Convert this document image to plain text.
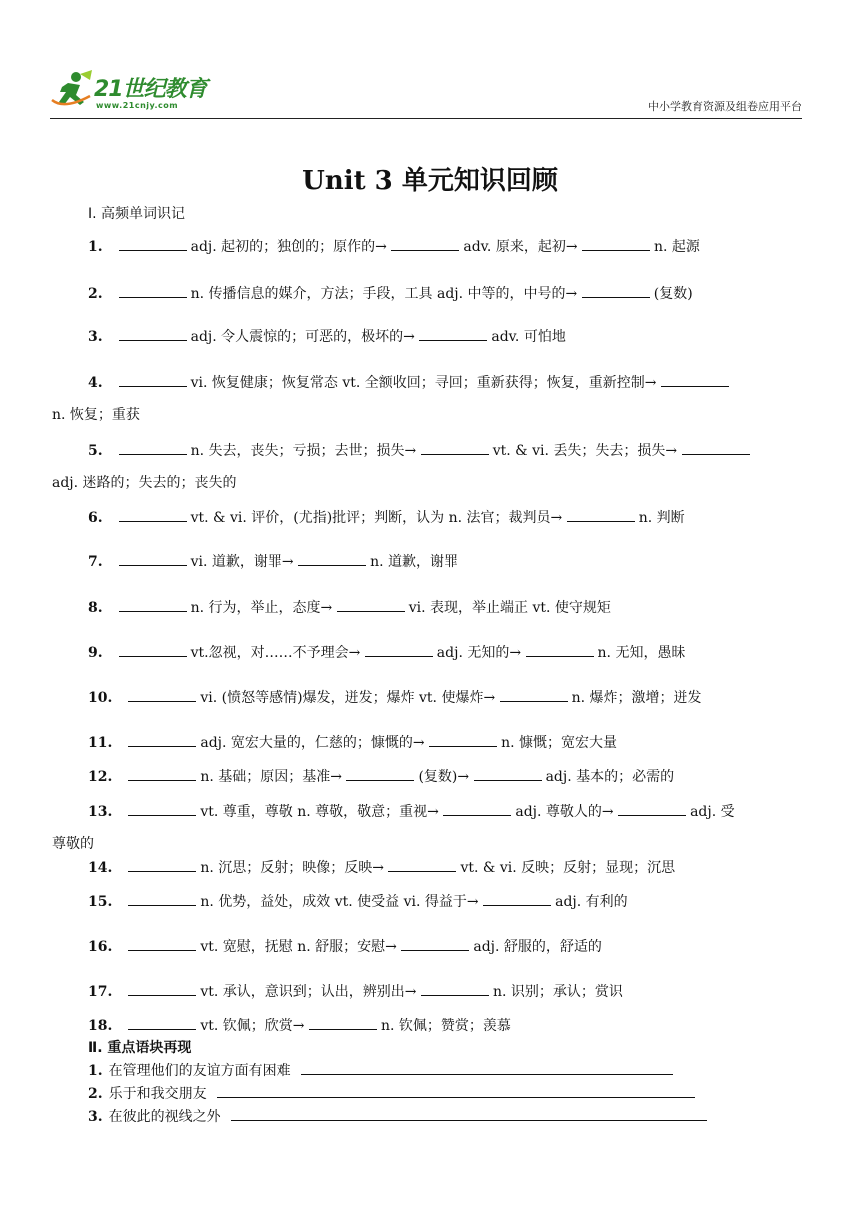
21世纪教育
www.21cnjy.com	中小学教育资源及组卷应用平台
Unit 3 单元知识回顾
Ⅰ. 高频单词识记
1.	adj. 起初的；独创的；原作的→	adv. 原来，起初→	n. 起源
2.	n. 传播信息的媒介，方法；手段，工具 adj. 中等的，中号的→	(复数)
3.	adj. 令人震惊的；可恶的，极坏的→	adv. 可怕地
n. 恢复；重获
4.	vi. 恢复健康；恢复常态 vt. 全额收回；寻回；重新获得；恢复，重新控制→
adj. 迷路的；失去的；丧失的
5.	n. 失去，丧失；亏损；去世；损失→	vt. & vi. 丢失；失去；损失→
6.	vt. & vi. 评价，(尤指)批评；判断，认为 n. 法官；裁判员→	n. 判断
7.	vi. 道歉，谢罪→	n. 道歉，谢罪
8.	n. 行为，举止，态度→	vi. 表现，举止端正 vt. 使守规矩
9.	vt.忽视，对……不予理会→	adj. 无知的→	n. 无知，愚昧
10.	vi. (愤怒等感情)爆发，迸发；爆炸 vt. 使爆炸→	n. 爆炸；激增；迸发
11.	adj. 宽宏大量的，仁慈的；慷慨的→	n. 慷慨；宽宏大量
12.	n. 基础；原因；基准→	(复数)→	adj. 基本的；必需的
尊敬的
13.	vt. 尊重，尊敬 n. 尊敬，敬意；重视→	adj. 尊敬人的→	adj. 受
14.	n. 沉思；反射；映像；反映→	vt. & vi. 反映；反射；显现；沉思
15.	n. 优势，益处，成效 vt. 使受益 vi. 得益于→	adj. 有利的
16.	vt. 宽慰，抚慰 n. 舒服；安慰→	adj. 舒服的，舒适的
17.	vt. 承认，意识到；认出，辨别出→	n. 识别；承认；赏识
18.	vt. 钦佩；欣赏→	n. 钦佩；赞赏；羡慕
Ⅱ. 重点语块再现
1. 在管理他们的友谊方面有困难
2. 乐于和我交朋友
3. 在彼此的视线之外
